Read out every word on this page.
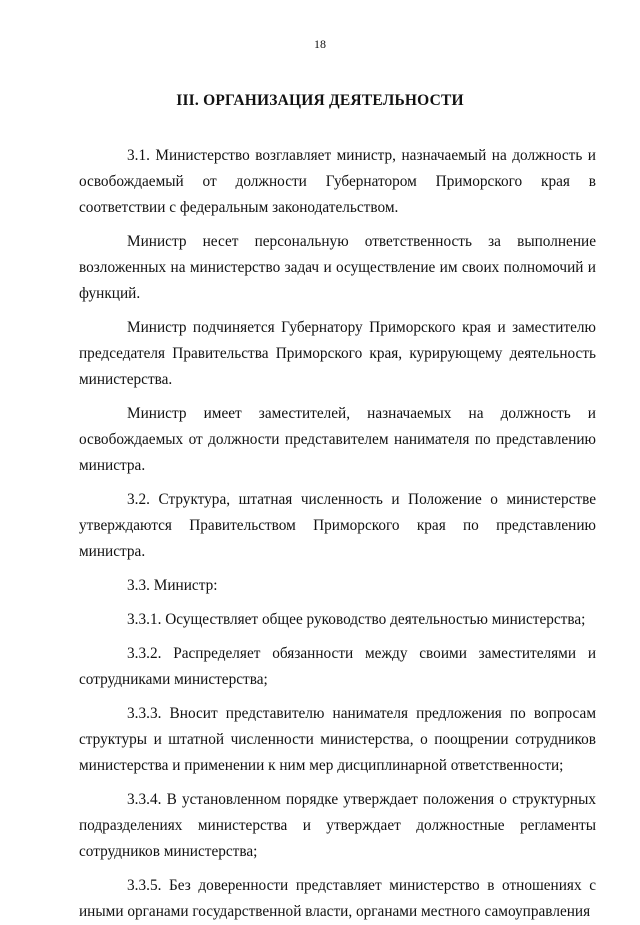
18
III. ОРГАНИЗАЦИЯ ДЕЯТЕЛЬНОСТИ

3.1. Министерство возглавляет министр, назначаемый на должность и освобождаемый от должности Губернатором Приморского края в соответствии с федеральным законодательством.

Министр несет персональную ответственность за выполнение возложенных на министерство задач и осуществление им своих полномочий и функций.

Министр подчиняется Губернатору Приморского края и заместителю председателя Правительства Приморского края, курирующему деятельность министерства.

Министр имеет заместителей, назначаемых на должность и освобождаемых от должности представителем нанимателя по представлению министра.

3.2. Структура, штатная численность и Положение о министерстве утверждаются Правительством Приморского края по представлению министра.

3.3. Министр:

3.3.1. Осуществляет общее руководство деятельностью министерства;

3.3.2. Распределяет обязанности между своими заместителями и сотрудниками министерства;

3.3.3. Вносит представителю нанимателя предложения по вопросам структуры и штатной численности министерства, о поощрении сотрудников министерства и применении к ним мер дисциплинарной ответственности;

3.3.4. В установленном порядке утверждает положения о структурных подразделениях министерства и утверждает должностные регламенты сотрудников министерства;

3.3.5. Без доверенности представляет министерство в отношениях с иными органами государственной власти, органами местного самоуправления
